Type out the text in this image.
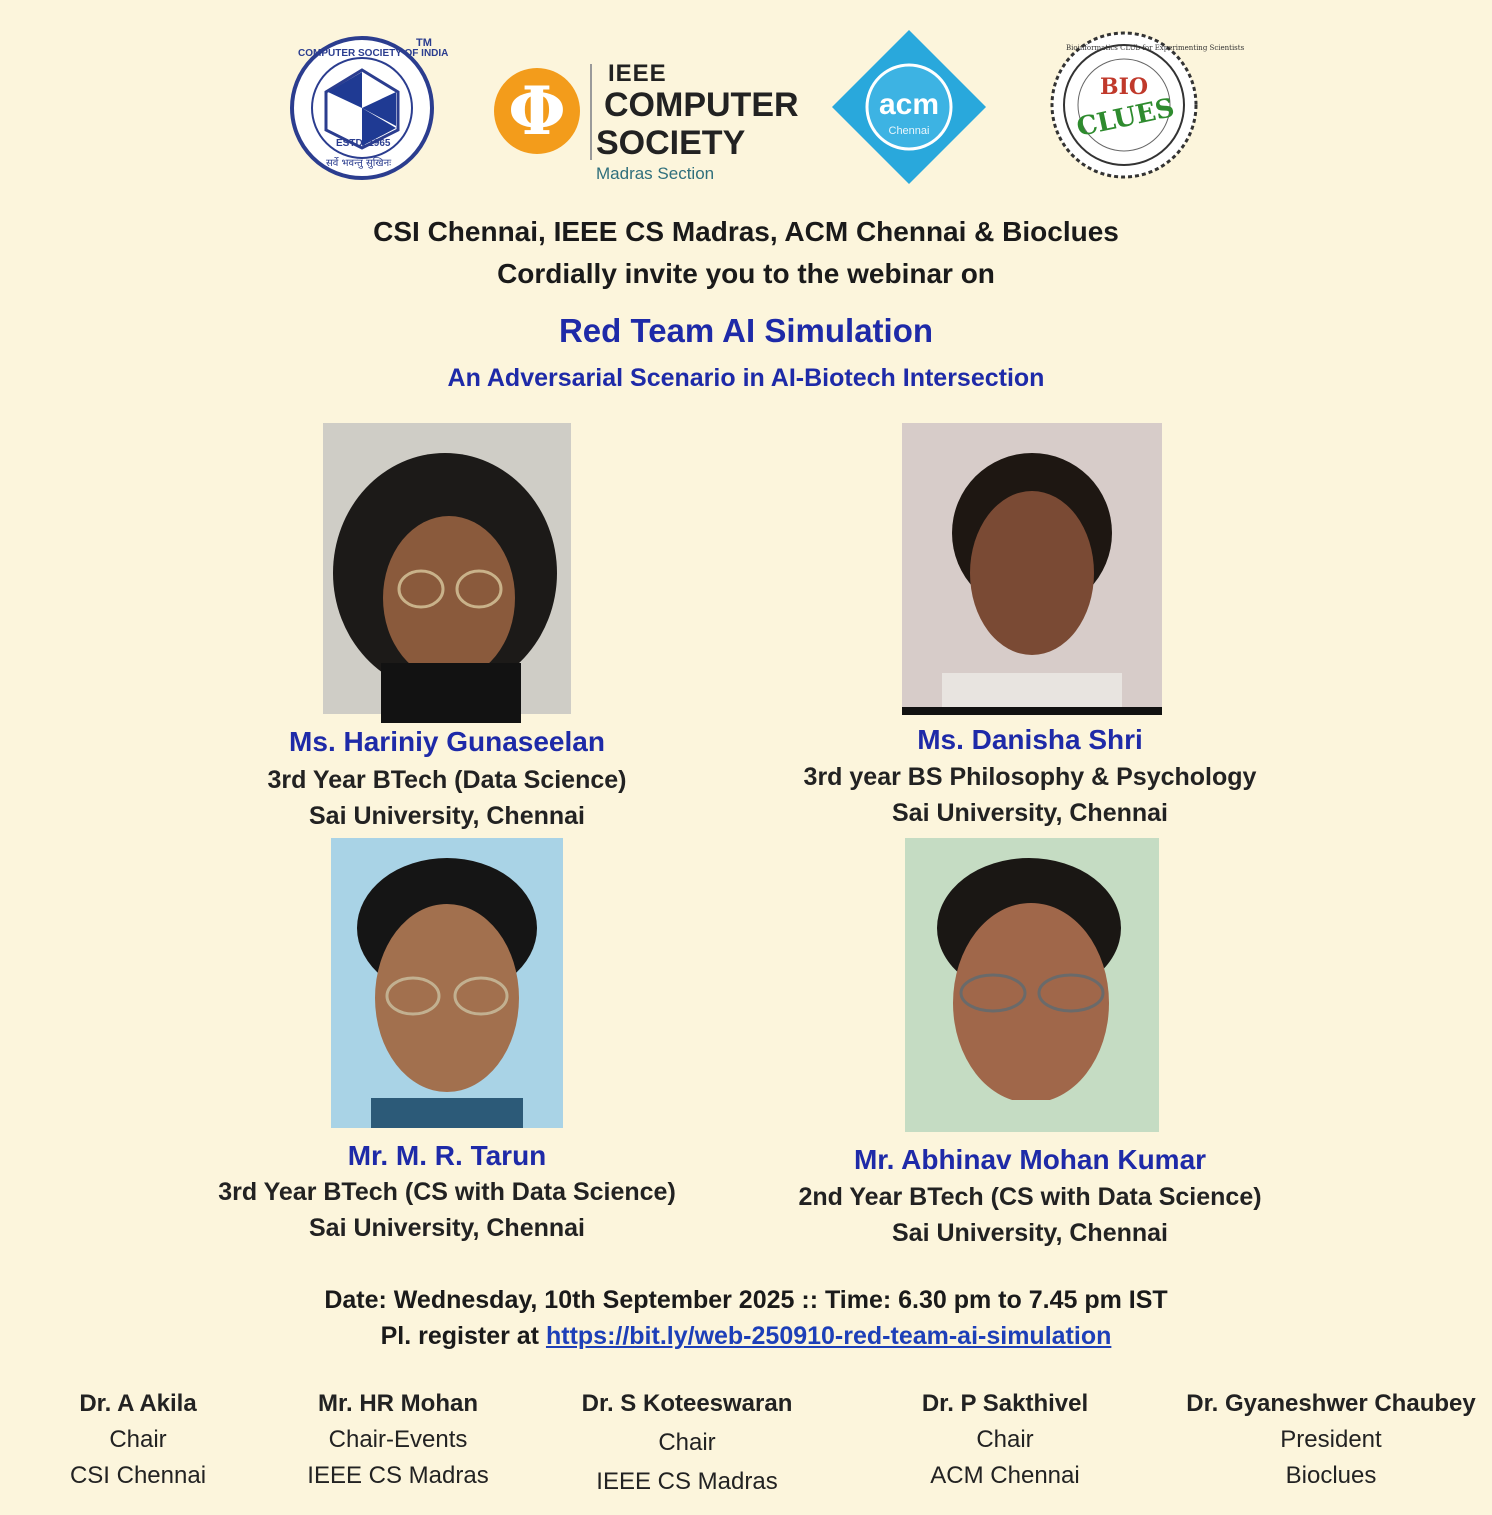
COMPUTER SOCIETY OF INDIA
TM
ESTD. 1965
सर्वे भवन्तु सुखिनः
Φ	IEEE
COMPUTER
SOCIETY
Madras Section
acm
Chennai
BIO
CLUES
Bioinformatics CLUb for Experimenting Scientists
CSI Chennai, IEEE CS Madras, ACM Chennai & Bioclues
Cordially invite you to the webinar on
Red Team AI Simulation
An Adversarial Scenario in AI-Biotech Intersection
Ms. Hariniy Gunaseelan
3rd Year BTech (Data Science)
Sai University, Chennai
Ms. Danisha Shri
3rd year BS Philosophy & Psychology
Sai University, Chennai
Mr. M. R. Tarun
3rd Year BTech (CS with Data Science)
Sai University, Chennai
Mr. Abhinav Mohan Kumar
2nd Year BTech (CS with Data Science)
Sai University, Chennai
Date: Wednesday, 10th September 2025 :: Time: 6.30 pm to 7.45 pm IST
Pl. register at https://bit.ly/web-250910-red-team-ai-simulation
Dr. A Akila
Chair
CSI Chennai
Mr. HR Mohan
Chair-Events
IEEE CS Madras
Dr. S Koteeswaran
Chair
IEEE CS Madras
Dr. P Sakthivel
Chair
ACM Chennai
Dr. Gyaneshwer Chaubey
President
Bioclues
